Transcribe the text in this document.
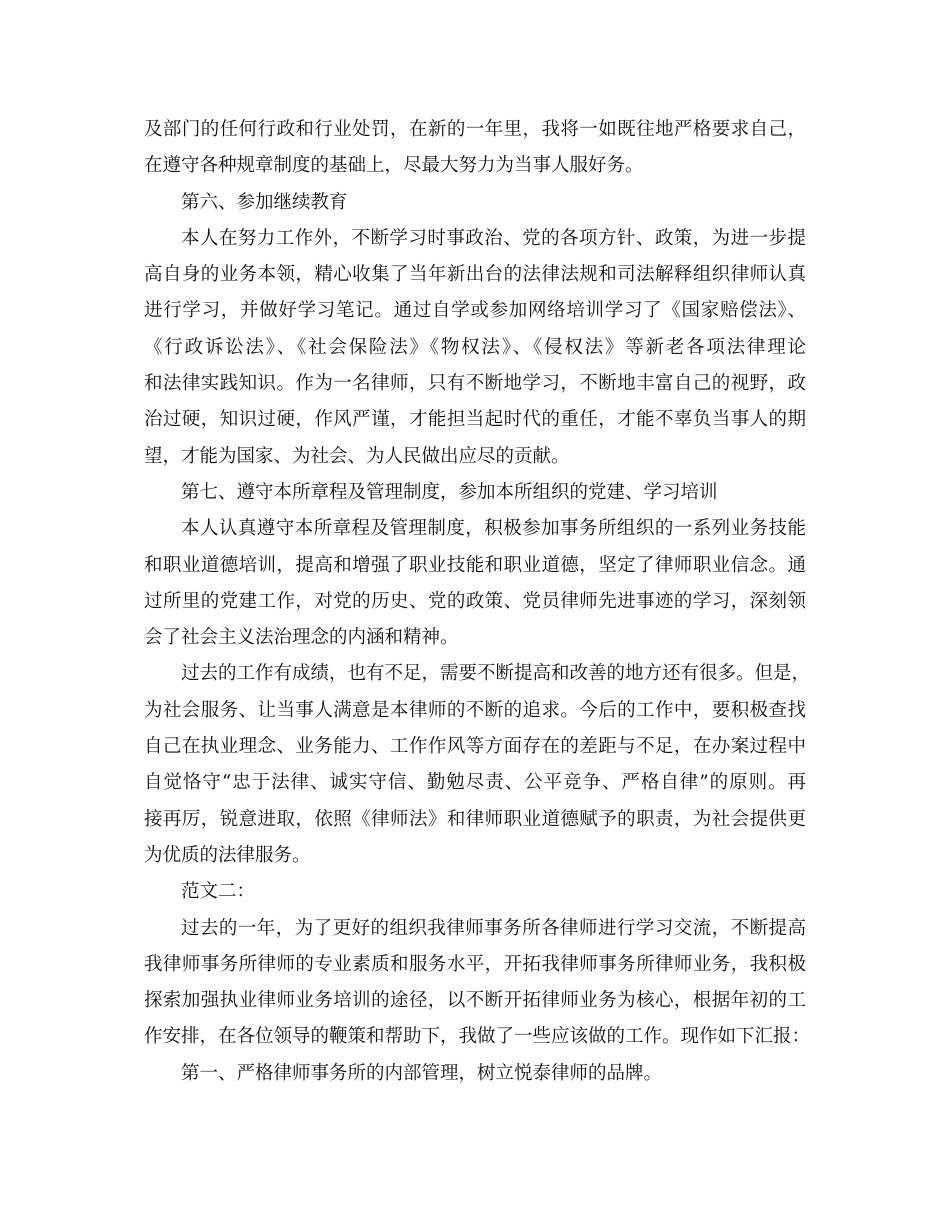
及部门的任何行政和行业处罚，在新的一年里，我将一如既往地严格要求自己，
在遵守各种规章制度的基础上，尽最大努力为当事人服好务。
第六、参加继续教育
本人在努力工作外，不断学习时事政治、党的各项方针、政策，为进一步提
高自身的业务本领，精心收集了当年新出台的法律法规和司法解释组织律师认真
进行学习，并做好学习笔记。通过自学或参加网络培训学习了《国家赔偿法》、
《行政诉讼法》、《社会保险法》《物权法》、《侵权法》等新老各项法律理论
和法律实践知识。作为一名律师，只有不断地学习，不断地丰富自己的视野，政
治过硬，知识过硬，作风严谨，才能担当起时代的重任，才能不辜负当事人的期
望，才能为国家、为社会、为人民做出应尽的贡献。
第七、遵守本所章程及管理制度，参加本所组织的党建、学习培训
本人认真遵守本所章程及管理制度，积极参加事务所组织的一系列业务技能
和职业道德培训，提高和增强了职业技能和职业道德，坚定了律师职业信念。通
过所里的党建工作，对党的历史、党的政策、党员律师先进事迹的学习，深刻领
会了社会主义法治理念的内涵和精神。
过去的工作有成绩，也有不足，需要不断提高和改善的地方还有很多。但是，
为社会服务、让当事人满意是本律师的不断的追求。今后的工作中，要积极查找
自己在执业理念、业务能力、工作作风等方面存在的差距与不足，在办案过程中
自觉恪守“忠于法律、诚实守信、勤勉尽责、公平竞争、严格自律”的原则。再
接再厉，锐意进取，依照《律师法》和律师职业道德赋予的职责，为社会提供更
为优质的法律服务。
范文二：
过去的一年，为了更好的组织我律师事务所各律师进行学习交流，不断提高
我律师事务所律师的专业素质和服务水平，开拓我律师事务所律师业务，我积极
探索加强执业律师业务培训的途径，以不断开拓律师业务为核心，根据年初的工
作安排，在各位领导的鞭策和帮助下，我做了一些应该做的工作。现作如下汇报：
第一、严格律师事务所的内部管理，树立悦泰律师的品牌。
